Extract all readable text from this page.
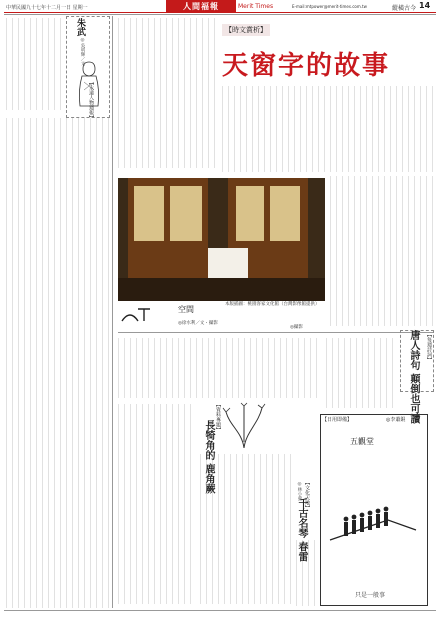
中華民國九十七年十二月一日 星期一	人間福報	Merit Times	E-mail:mtpower@merit-times.com.tw	縱橫古今 14
朱武
◎吳明輝／文
【永遠人物週報】
【時文賞析】
天窗字的故事
本版插圖：桃園客家文化館（台灣影像館提供）
◎攝影
空間
◎徐水利／文・攝影
唐人詩句 顛倒也可讀	【每週詩詞】
【資料專題】
長犄角的 鹿角蕨	【日用即備】	◎李蕭錕
五觀堂
只是一般事
【文化天地】
◎林小燕
千古名琴 春雷
